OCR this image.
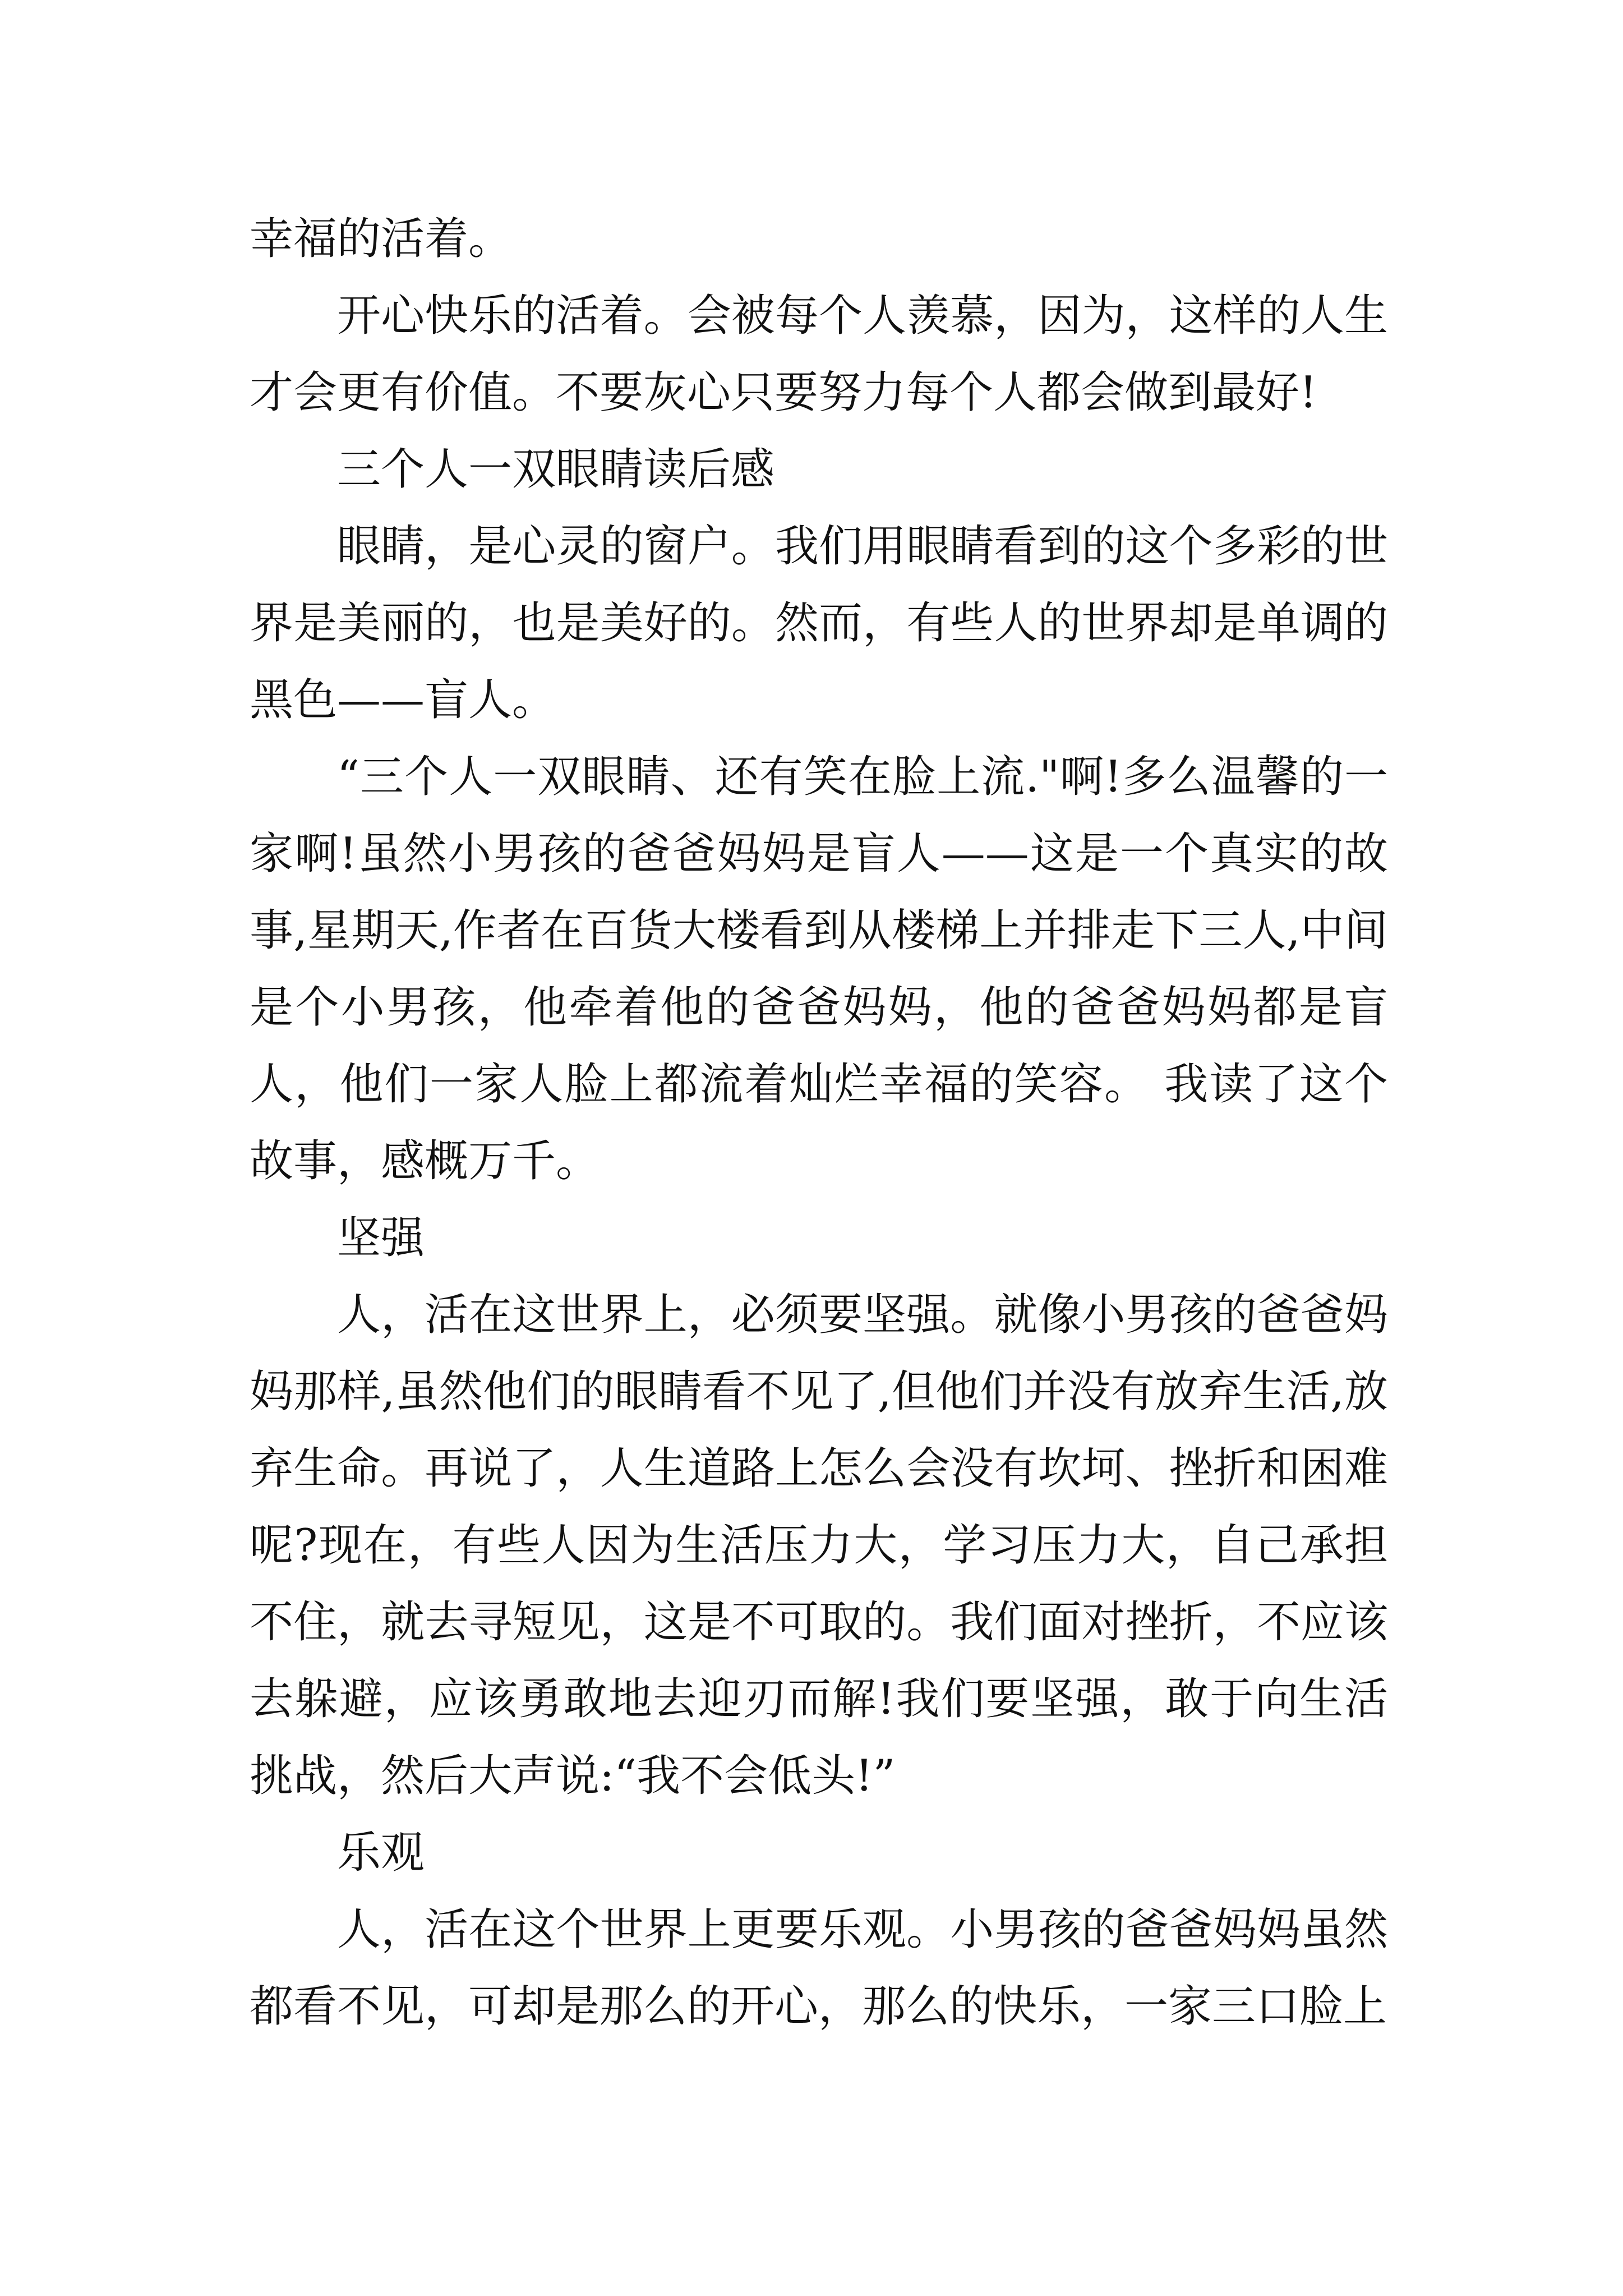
幸福的活着。

开心快乐的活着。会被每个人羡慕，因为，这样的人生才会更有价值。不要灰心只要努力每个人都会做到最好!

三个人一双眼睛读后感

眼睛，是心灵的窗户。我们用眼睛看到的这个多彩的世界是美丽的，也是美好的。然而，有些人的世界却是单调的黑色——盲人。

“三个人一双眼睛、还有笑在脸上流."啊!多么温馨的一家啊!虽然小男孩的爸爸妈妈是盲人——这是一个真实的故事,星期天,作者在百货大楼看到从楼梯上并排走下三人,中间是个小男孩，他牵着他的爸爸妈妈，他的爸爸妈妈都是盲人，他们一家人脸上都流着灿烂幸福的笑容。 我读了这个故事，感概万千。

坚强

人，活在这世界上，必须要坚强。就像小男孩的爸爸妈妈那样,虽然他们的眼睛看不见了,但他们并没有放弃生活,放弃生命。再说了，人生道路上怎么会没有坎坷、挫折和困难呢?现在，有些人因为生活压力大，学习压力大，自己承担不住，就去寻短见，这是不可取的。我们面对挫折，不应该去躲避，应该勇敢地去迎刃而解!我们要坚强，敢于向生活挑战，然后大声说:“我不会低头!”

乐观

人，活在这个世界上更要乐观。小男孩的爸爸妈妈虽然都看不见，可却是那么的开心，那么的快乐，一家三口脸上
